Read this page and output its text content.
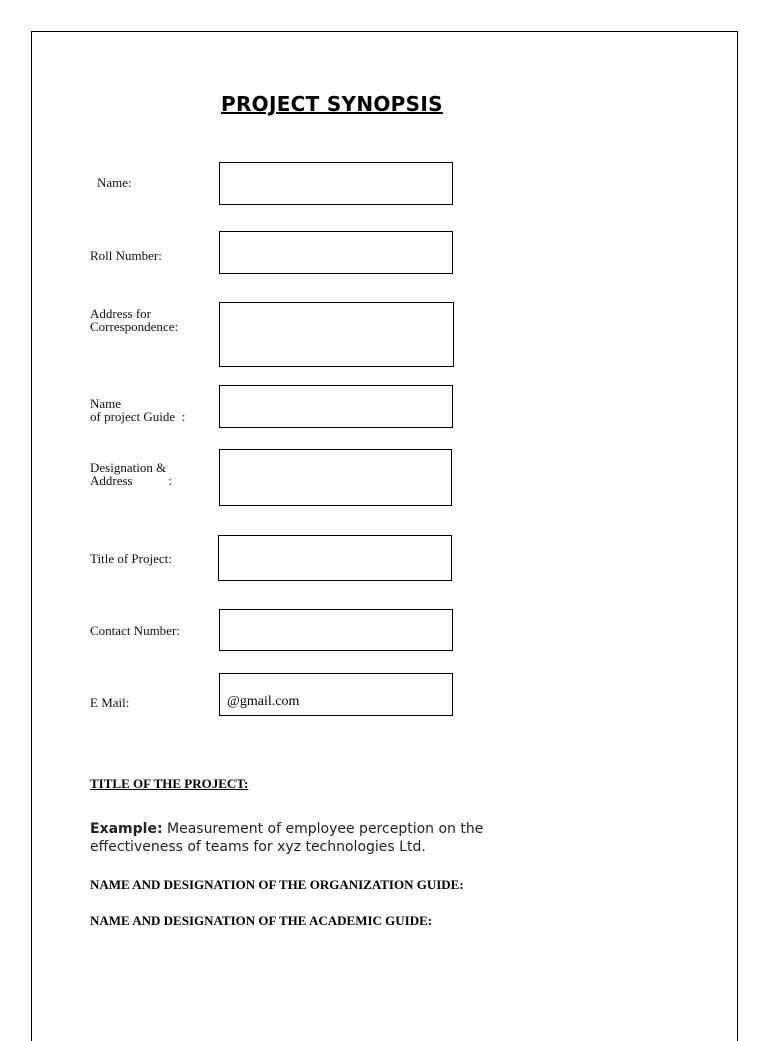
PROJECT SYNOPSIS
Name:
Roll Number:
Address for
Correspondence:
Name
of project Guide  :
Designation &
Address           :
Title of Project:
Contact Number:
E Mail:	@gmail.com
TITLE OF THE PROJECT:
Example: Measurement of employee perception on the effectiveness of teams for xyz technologies Ltd.
NAME AND DESIGNATION OF THE ORGANIZATION GUIDE:
NAME AND DESIGNATION OF THE ACADEMIC GUIDE:
